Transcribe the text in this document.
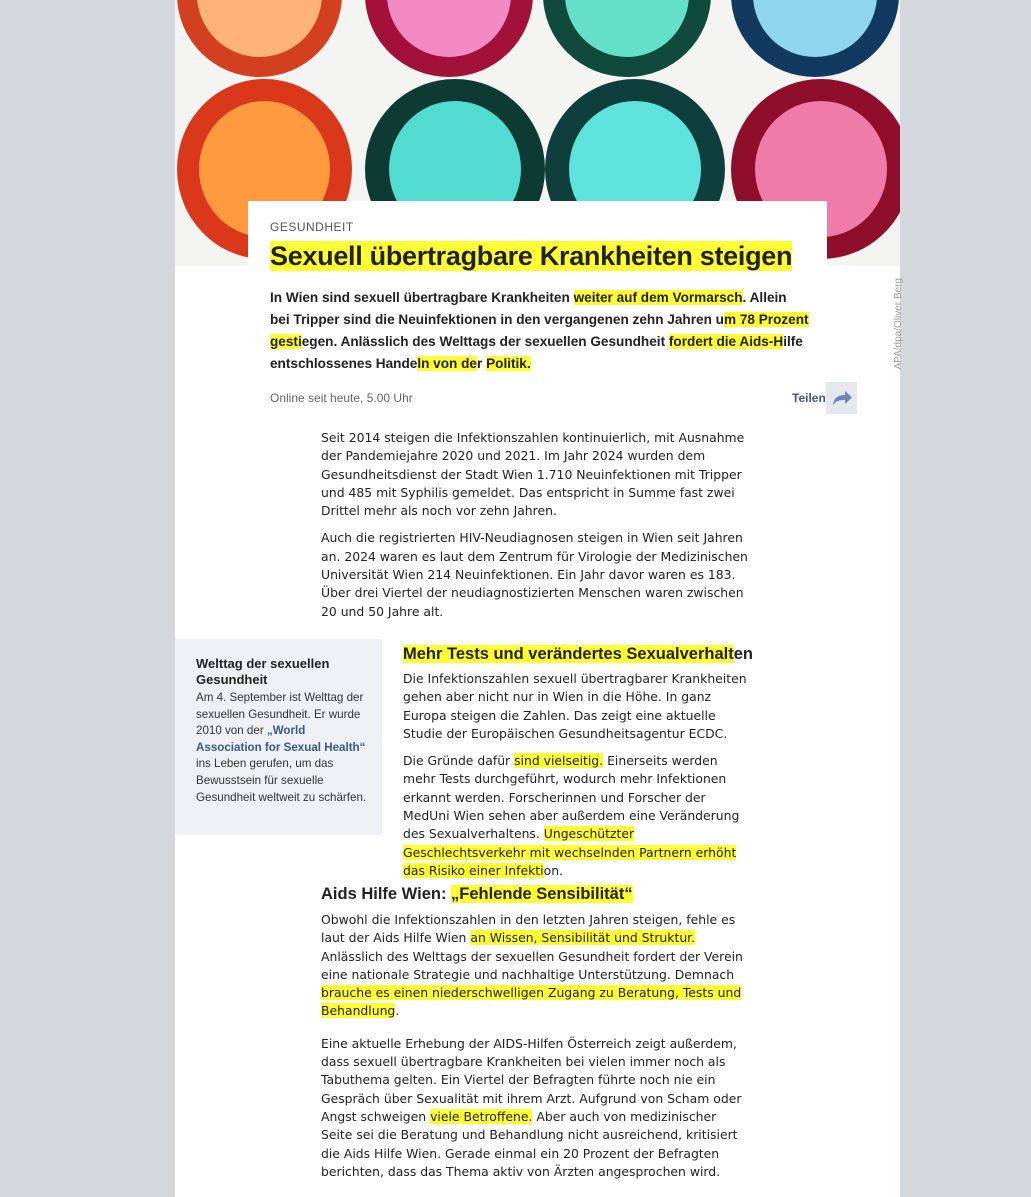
APA/dpa/Oliver Berg
GESUNDHEIT
Sexuell übertragbare Krankheiten steigen

In Wien sind sexuell übertragbare Krankheiten weiter auf dem Vormarsch. Allein bei Tripper sind die Neuinfektionen in den vergangenen zehn Jahren um 78 Prozent gestiegen. Anlässlich des Welttags der sexuellen Gesundheit fordert die Aids-Hilfe entschlossenes Handeln von der Politik.

Online seit heute, 5.00 Uhr	Teilen

Seit 2014 steigen die Infektionszahlen kontinuierlich, mit Ausnahme der Pandemiejahre 2020 und 2021. Im Jahr 2024 wurden dem Gesundheitsdienst der Stadt Wien 1.710 Neuinfektionen mit Tripper und 485 mit Syphilis gemeldet. Das entspricht in Summe fast zwei Drittel mehr als noch vor zehn Jahren.

Auch die registrierten HIV-Neudiagnosen steigen in Wien seit Jahren an. 2024 waren es laut dem Zentrum für Virologie der Medizinischen Universität Wien 214 Neuinfektionen. Ein Jahr davor waren es 183. Über drei Viertel der neudiagnostizierten Menschen waren zwischen 20 und 50 Jahre alt.

Welttag der sexuellen Gesundheit
Am 4. September ist Welttag der sexuellen Gesundheit. Er wurde 2010 von der „World Association for Sexual Health“ ins Leben gerufen, um das Bewusstsein für sexuelle Gesundheit weltweit zu schärfen.
Mehr Tests und verändertes Sexualverhalten

Die Infektionszahlen sexuell übertragbarer Krankheiten gehen aber nicht nur in Wien in die Höhe. In ganz Europa steigen die Zahlen. Das zeigt eine aktuelle Studie der Europäischen Gesundheitsagentur ECDC.

Die Gründe dafür sind vielseitig. Einerseits werden mehr Tests durchgeführt, wodurch mehr Infektionen erkannt werden. Forscherinnen und Forscher der MedUni Wien sehen aber außerdem eine Veränderung des Sexualverhaltens. Ungeschützter Geschlechtsverkehr mit wechselnden Partnern erhöht das Risiko einer Infektion.

Aids Hilfe Wien: „Fehlende Sensibilität“

Obwohl die Infektionszahlen in den letzten Jahren steigen, fehle es laut der Aids Hilfe Wien an Wissen, Sensibilität und Struktur. Anlässlich des Welttags der sexuellen Gesundheit fordert der Verein eine nationale Strategie und nachhaltige Unterstützung. Demnach brauche es einen niederschwelligen Zugang zu Beratung, Tests und Behandlung.

Eine aktuelle Erhebung der AIDS-Hilfen Österreich zeigt außerdem, dass sexuell übertragbare Krankheiten bei vielen immer noch als Tabuthema gelten. Ein Viertel der Befragten führte noch nie ein Gespräch über Sexualität mit ihrem Arzt. Aufgrund von Scham oder Angst schweigen viele Betroffene. Aber auch von medizinischer Seite sei die Beratung und Behandlung nicht ausreichend, kritisiert die Aids Hilfe Wien. Gerade einmal ein 20 Prozent der Befragten berichten, dass das Thema aktiv von Ärzten angesprochen wird.
